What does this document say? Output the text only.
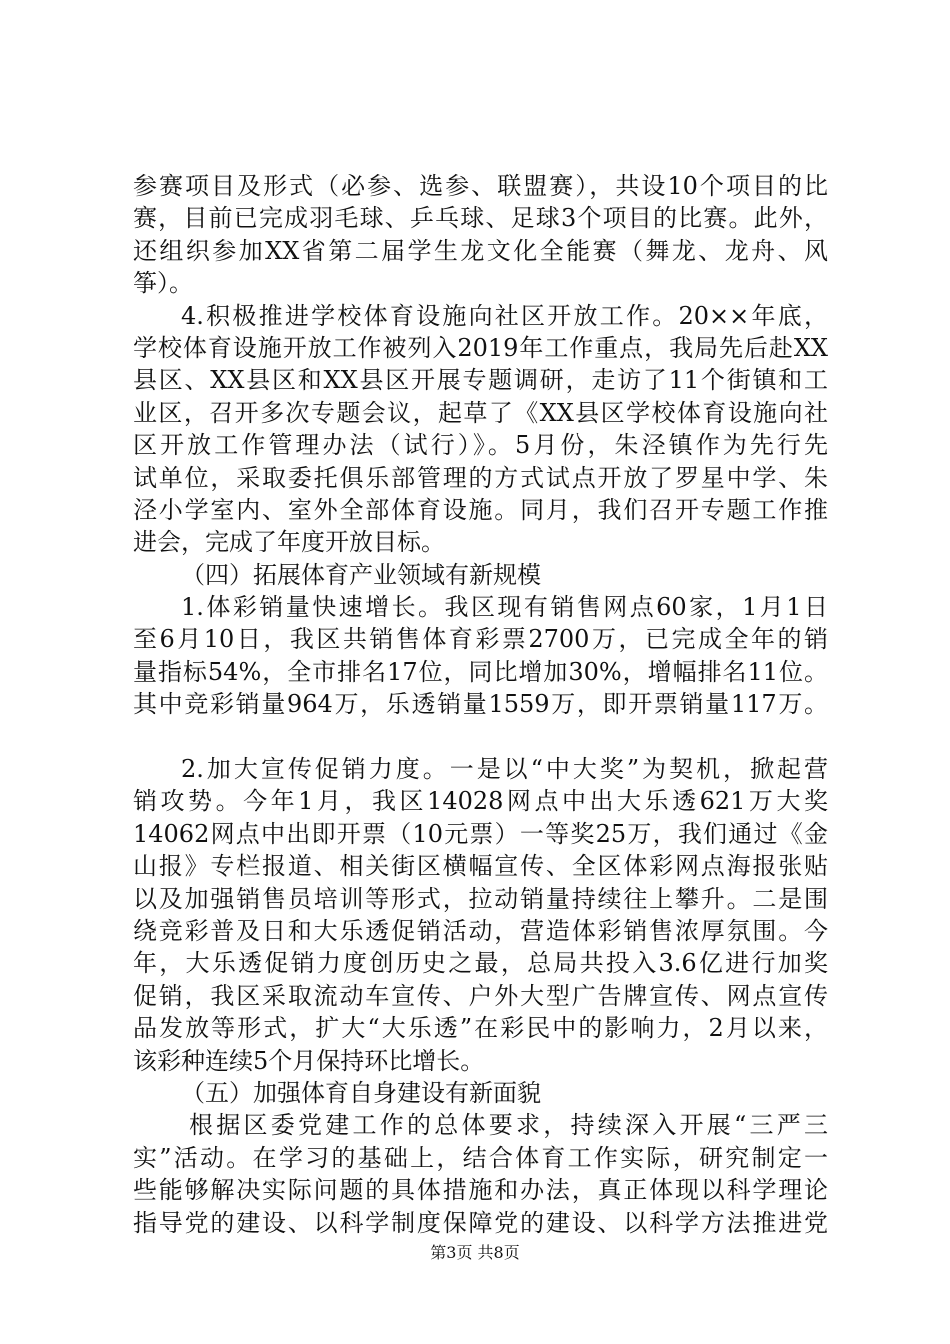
参赛项目及形式（必参、选参、联盟赛），共设10个项目的比
赛，目前已完成羽毛球、乒乓球、足球3个项目的比赛。此外，
还组织参加XX省第二届学生龙文化全能赛（舞龙、龙舟、风
筝）。
4.积极推进学校体育设施向社区开放工作。20××年底，
学校体育设施开放工作被列入2019年工作重点，我局先后赴XX
县区、XX县区和XX县区开展专题调研，走访了11个街镇和工
业区，召开多次专题会议，起草了《XX县区学校体育设施向社
区开放工作管理办法（试行）》。5月份，朱泾镇作为先行先
试单位，采取委托俱乐部管理的方式试点开放了罗星中学、朱
泾小学室内、室外全部体育设施。同月，我们召开专题工作推
进会，完成了年度开放目标。
（四）拓展体育产业领域有新规模
1.体彩销量快速增长。我区现有销售网点60家，1月1日
至6月10日，我区共销售体育彩票2700万，已完成全年的销
量指标54%，全市排名17位，同比增加30%，增幅排名11位。
其中竞彩销量964万，乐透销量1559万，即开票销量117万。
2.加大宣传促销力度。一是以“中大奖”为契机，掀起营
销攻势。今年1月，我区14028网点中出大乐透621万大奖
14062网点中出即开票（10元票）一等奖25万，我们通过《金
山报》专栏报道、相关街区横幅宣传、全区体彩网点海报张贴
以及加强销售员培训等形式，拉动销量持续往上攀升。二是围
绕竞彩普及日和大乐透促销活动，营造体彩销售浓厚氛围。今
年，大乐透促销力度创历史之最，总局共投入3.6亿进行加奖
促销，我区采取流动车宣传、户外大型广告牌宣传、网点宣传
品发放等形式，扩大“大乐透”在彩民中的影响力，2月以来，
该彩种连续5个月保持环比增长。
（五）加强体育自身建设有新面貌
根据区委党建工作的总体要求，持续深入开展“三严三
实”活动。在学习的基础上，结合体育工作实际，研究制定一
些能够解决实际问题的具体措施和办法，真正体现以科学理论
指导党的建设、以科学制度保障党的建设、以科学方法推进党
第3页 共8页
